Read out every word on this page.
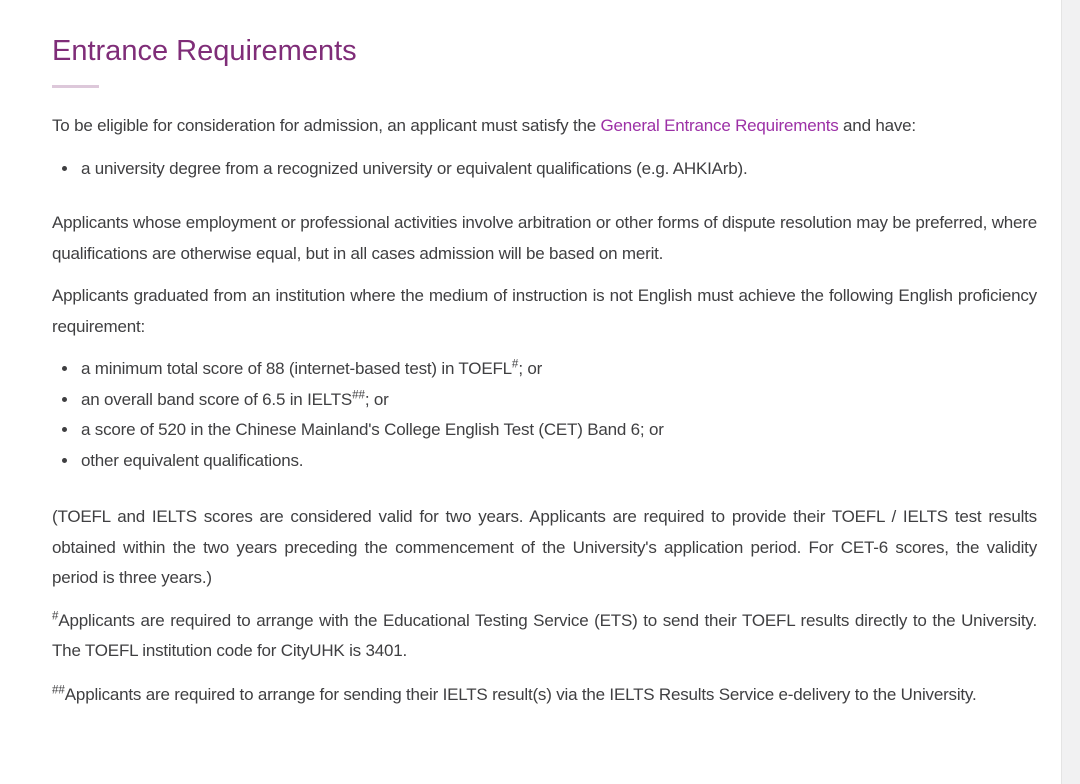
Entrance Requirements

To be eligible for consideration for admission, an applicant must satisfy the General Entrance Requirements and have:

• a university degree from a recognized university or equivalent qualifications (e.g. AHKIArb).

Applicants whose employment or professional activities involve arbitration or other forms of dispute resolution may be preferred, where qualifications are otherwise equal, but in all cases admission will be based on merit.

Applicants graduated from an institution where the medium of instruction is not English must achieve the following English proficiency requirement:

• a minimum total score of 88 (internet-based test) in TOEFL#; or
• an overall band score of 6.5 in IELTS##; or
• a score of 520 in the Chinese Mainland's College English Test (CET) Band 6; or
• other equivalent qualifications.

(TOEFL and IELTS scores are considered valid for two years. Applicants are required to provide their TOEFL / IELTS test results obtained within the two years preceding the commencement of the University's application period. For CET-6 scores, the validity period is three years.)

#Applicants are required to arrange with the Educational Testing Service (ETS) to send their TOEFL results directly to the University. The TOEFL institution code for CityUHK is 3401.

##Applicants are required to arrange for sending their IELTS result(s) via the IELTS Results Service e-delivery to the University.
